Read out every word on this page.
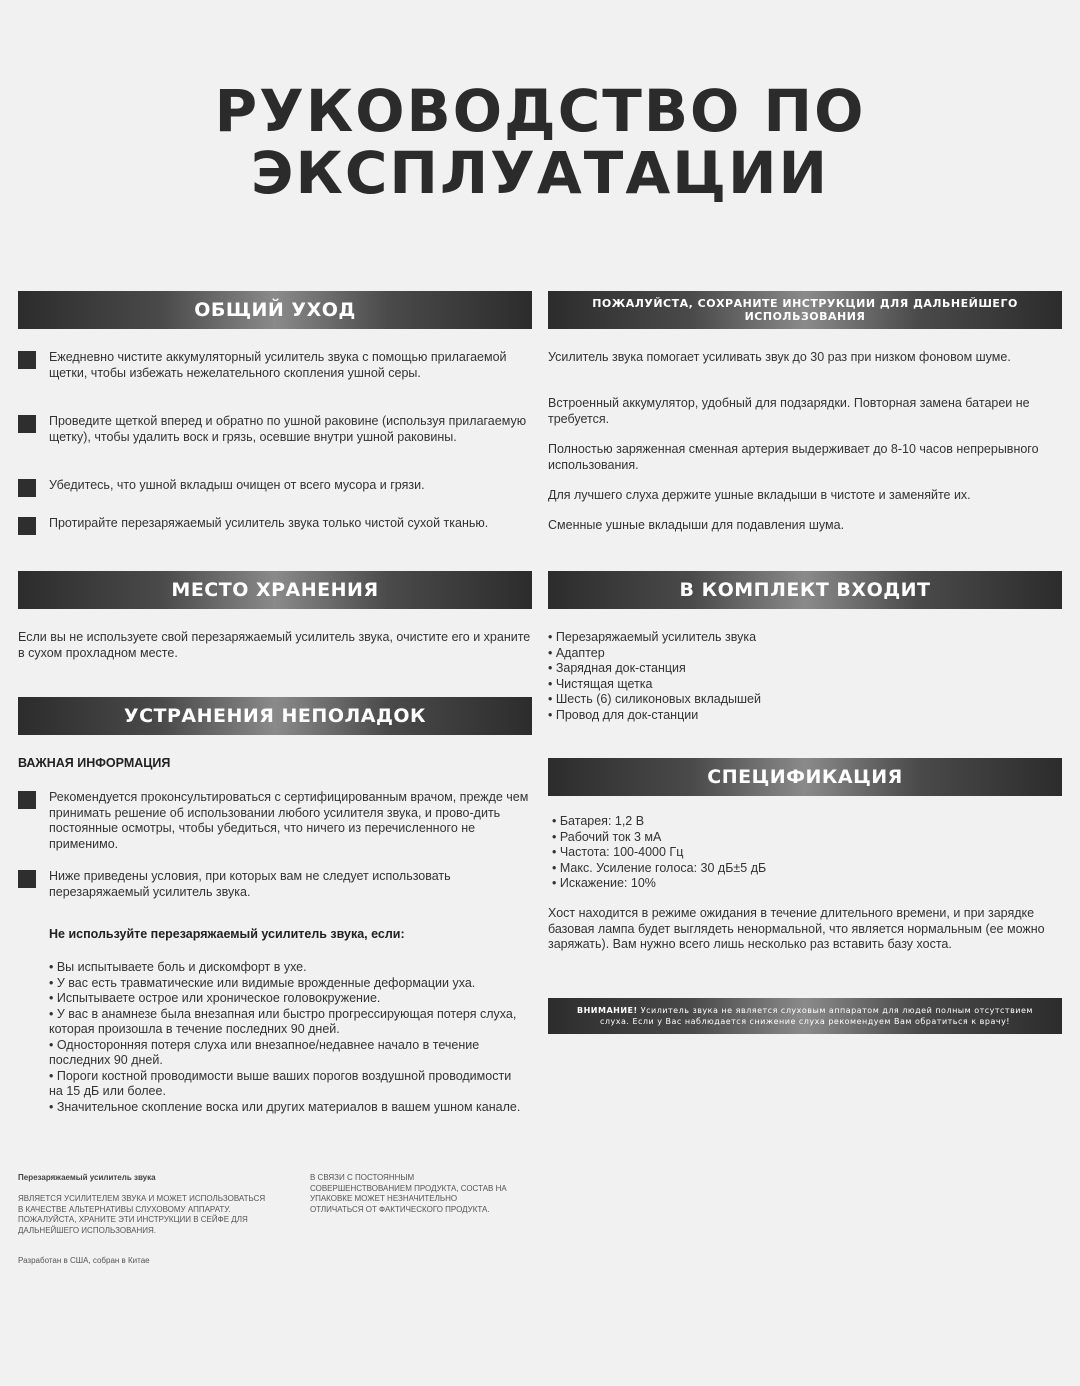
РУКОВОДСТВО ПО
ЭКСПЛУАТАЦИИ
ОБЩИЙ УХОД
Ежедневно чистите аккумуляторный усилитель звука с помощью прилагаемой щетки, чтобы избежать нежелательного скопления ушной серы.
Проведите щеткой вперед и обратно по ушной раковине (используя прилагаемую щетку), чтобы удалить воск и грязь, осевшие внутри ушной раковины.
Убедитесь, что ушной вкладыш очищен от всего мусора и грязи.
Протирайте перезаряжаемый усилитель звука только чистой сухой тканью.
МЕСТО ХРАНЕНИЯ
Если вы не используете свой перезаряжаемый усилитель звука, очистите его и храните в сухом прохладном месте.
УСТРАНЕНИЯ НЕПОЛАДОК
ВАЖНАЯ ИНФОРМАЦИЯ
Рекомендуется проконсультироваться с сертифицированным врачом, прежде чем принимать решение об использовании любого усилителя звука, и прово-дить постоянные осмотры, чтобы убедиться, что ничего из перечисленного не применимо.
Ниже приведены условия, при которых вам не следует использовать перезаряжаемый усилитель звука.
Не используйте перезаряжаемый усилитель звука, если:
• Вы испытываете боль и дискомфорт в ухе.
• У вас есть травматические или видимые врожденные деформации уха.
• Испытываете острое или хроническое головокружение.
• У вас в анамнезе была внезапная или быстро прогрессирующая потеря слуха, которая произошла в течение последних 90 дней.
• Односторонняя потеря слуха или внезапное/недавнее начало в течение последних 90 дней.
• Пороги костной проводимости выше ваших порогов воздушной проводимости на 15 дБ или более.
• Значительное скопление воска или других материалов в вашем ушном канале.
ПОЖАЛУЙСТА, СОХРАНИТЕ ИНСТРУКЦИИ ДЛЯ ДАЛЬНЕЙШЕГО ИСПОЛЬЗОВАНИЯ
Усилитель звука помогает усиливать звук до 30 раз при низком фоновом шуме.
Встроенный аккумулятор, удобный для подзарядки. Повторная замена батареи не требуется.
Полностью заряженная сменная артерия выдерживает до 8-10 часов непрерывного использования.
Для лучшего слуха держите ушные вкладыши в чистоте и заменяйте их.
Сменные ушные вкладыши для подавления шума.
В КОМПЛЕКТ ВХОДИТ
• Перезаряжаемый усилитель звука
• Адаптер
• Зарядная док-станция
• Чистящая щетка
• Шесть (6) силиконовых вкладышей
• Провод для док-станции
СПЕЦИФИКАЦИЯ
• Батарея: 1,2 В
• Рабочий ток 3 мА
• Частота: 100-4000 Гц
• Макс. Усиление голоса: 30 дБ±5 дБ
• Искажение: 10%
Хост находится в режиме ожидания в течение длительного времени, и при зарядке базовая лампа будет выглядеть ненормальной, что является нормальным (ее можно заряжать). Вам нужно всего лишь несколько раз вставить базу хоста.
ВНИМАНИЕ! Усилитель звука не является слуховым аппаратом для людей полным отсутствием слуха. Если у Вас наблюдается снижение слуха рекомендуем Вам обратиться к врачу!
Перезаряжаемый усилитель звука
ЯВЛЯЕТСЯ УСИЛИТЕЛЕМ ЗВУКА И МОЖЕТ ИСПОЛЬЗОВАТЬСЯ В КАЧЕСТВЕ АЛЬТЕРНАТИВЫ СЛУХОВОМУ АППАРАТУ. ПОЖАЛУЙСТА, ХРАНИТЕ ЭТИ ИНСТРУКЦИИ В СЕЙФЕ ДЛЯ ДАЛЬНЕЙШЕГО ИСПОЛЬЗОВАНИЯ.
Разработан в США, собран в Китае
В СВЯЗИ С ПОСТОЯННЫМ СОВЕРШЕНСТВОВАНИЕМ ПРОДУКТА, СОСТАВ НА УПАКОВКЕ МОЖЕТ НЕЗНАЧИТЕЛЬНО ОТЛИЧАТЬСЯ ОТ ФАКТИЧЕСКОГО ПРОДУКТА.
